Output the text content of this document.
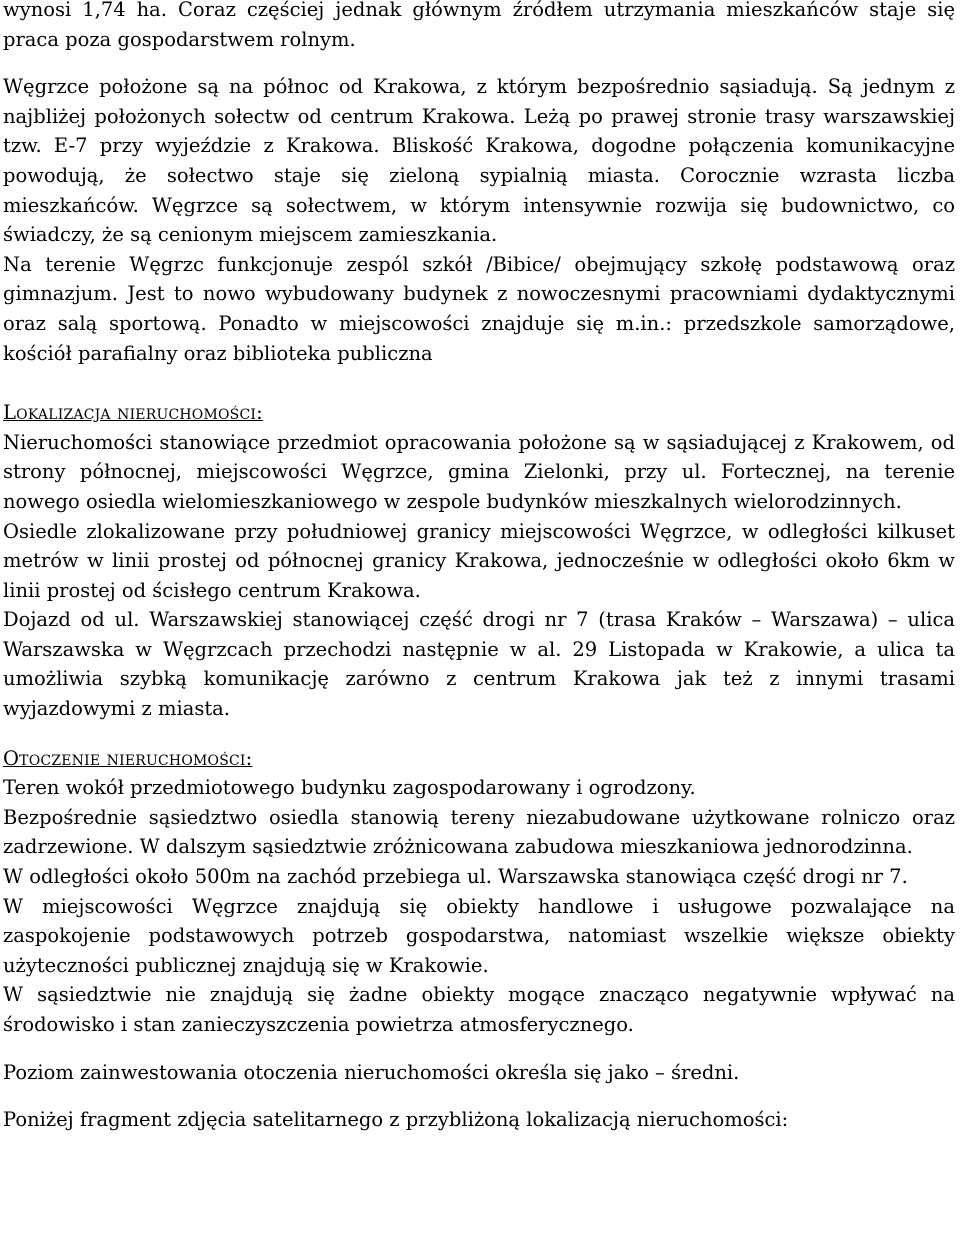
wynosi 1,74 ha. Coraz częściej jednak głównym źródłem utrzymania mieszkańców staje się praca poza gospodarstwem rolnym.

Węgrzce położone są na północ od Krakowa, z którym bezpośrednio sąsiadują. Są jednym z najbliżej położonych sołectw od centrum Krakowa. Leżą po prawej stronie trasy warszawskiej tzw. E-7 przy wyjeździe z Krakowa. Bliskość Krakowa, dogodne połączenia komunikacyjne powodują, że sołectwo staje się zieloną sypialnią miasta. Corocznie wzrasta liczba mieszkańców. Węgrzce są sołectwem, w którym intensywnie rozwija się budownictwo, co świadczy, że są cenionym miejscem zamieszkania.

Na terenie Węgrzc funkcjonuje zespól szkół /Bibice/ obejmujący szkołę podstawową oraz gimnazjum. Jest to nowo wybudowany budynek z nowoczesnymi pracowniami dydaktycznymi oraz salą sportową. Ponadto w miejscowości znajduje się m.in.: przedszkole samorządowe, kościół parafialny oraz biblioteka publiczna

Lokalizacja nieruchomości:

Nieruchomości stanowiące przedmiot opracowania położone są w sąsiadującej z Krakowem, od strony północnej, miejscowości Węgrzce, gmina Zielonki, przy ul. Fortecznej, na terenie nowego osiedla wielomieszkaniowego w zespole budynków mieszkalnych wielorodzinnych.

Osiedle zlokalizowane przy południowej granicy miejscowości Węgrzce, w odległości kilkuset metrów w linii prostej od północnej granicy Krakowa, jednocześnie w odległości około 6km w linii prostej od ścisłego centrum Krakowa.

Dojazd od ul. Warszawskiej stanowiącej część drogi nr 7 (trasa Kraków – Warszawa) – ulica Warszawska w Węgrzcach przechodzi następnie w al. 29 Listopada w Krakowie, a ulica ta umożliwia szybką komunikację zarówno z centrum Krakowa jak też z innymi trasami wyjazdowymi z miasta.

Otoczenie nieruchomości:

Teren wokół przedmiotowego budynku zagospodarowany i ogrodzony.

Bezpośrednie sąsiedztwo osiedla stanowią tereny niezabudowane użytkowane rolniczo oraz zadrzewione. W dalszym sąsiedztwie zróżnicowana zabudowa mieszkaniowa jednorodzinna.

W odległości około 500m na zachód przebiega ul. Warszawska stanowiąca część drogi nr 7.

W miejscowości Węgrzce znajdują się obiekty handlowe i usługowe pozwalające na zaspokojenie podstawowych potrzeb gospodarstwa, natomiast wszelkie większe obiekty użyteczności publicznej znajdują się w Krakowie.

W sąsiedztwie nie znajdują się żadne obiekty mogące znacząco negatywnie wpływać na środowisko i stan zanieczyszczenia powietrza atmosferycznego.

Poziom zainwestowania otoczenia nieruchomości określa się jako – średni.

Poniżej fragment zdjęcia satelitarnego z przybliżoną lokalizacją nieruchomości:
